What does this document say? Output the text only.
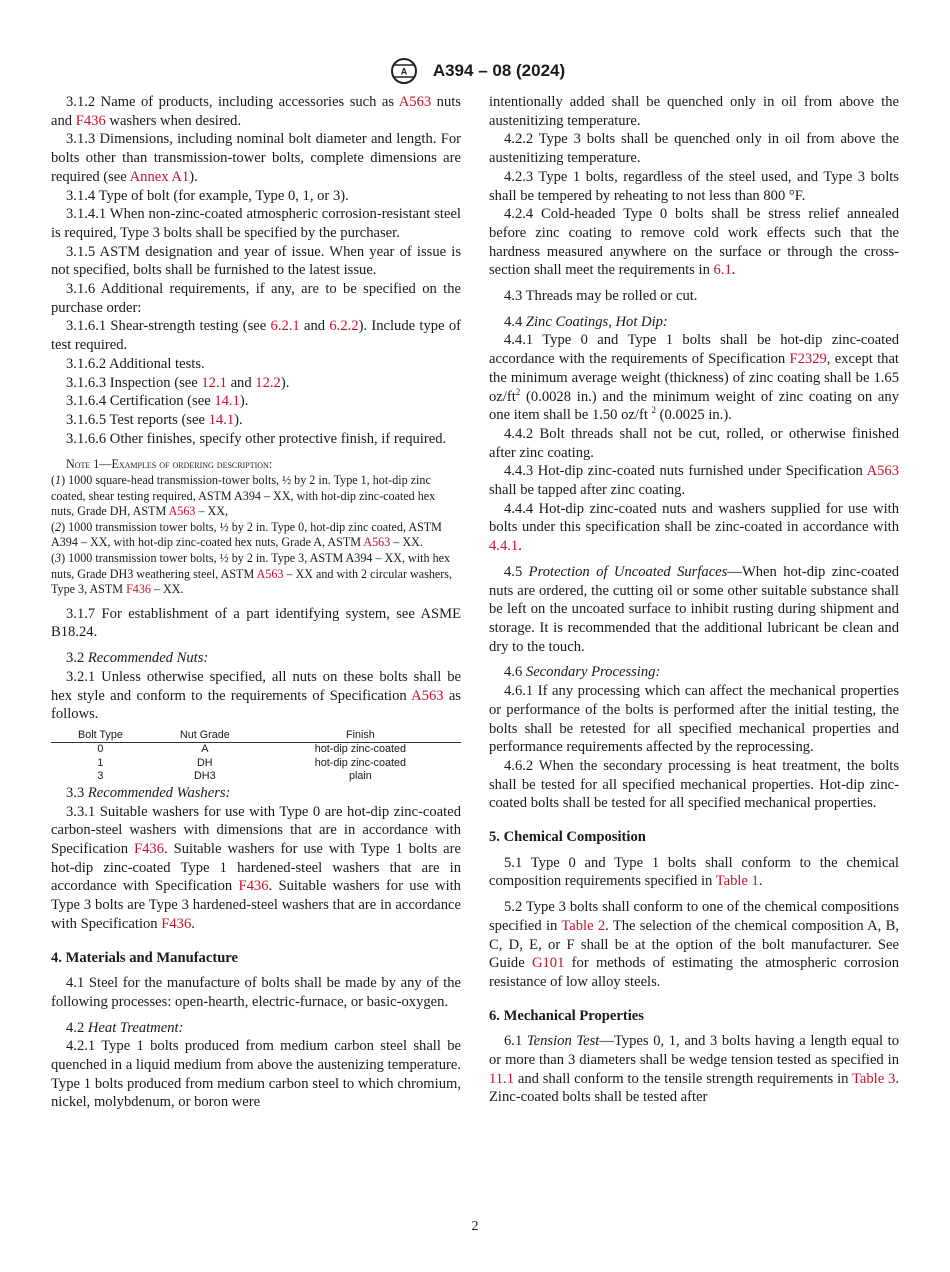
A A394 – 08 (2024)

3.1.2 Name of products, including accessories such as A563 nuts and F436 washers when desired.

3.1.3 Dimensions, including nominal bolt diameter and length. For bolts other than transmission-tower bolts, complete dimensions are required (see Annex A1).

3.1.4 Type of bolt (for example, Type 0, 1, or 3).

3.1.4.1 When non-zinc-coated atmospheric corrosion-resistant steel is required, Type 3 bolts shall be specified by the purchaser.

3.1.5 ASTM designation and year of issue. When year of issue is not specified, bolts shall be furnished to the latest issue.

3.1.6 Additional requirements, if any, are to be specified on the purchase order:

3.1.6.1 Shear-strength testing (see 6.2.1 and 6.2.2). Include type of test required.

3.1.6.2 Additional tests.

3.1.6.3 Inspection (see 12.1 and 12.2).

3.1.6.4 Certification (see 14.1).

3.1.6.5 Test reports (see 14.1).

3.1.6.6 Other finishes, specify other protective finish, if required.

Note 1—Examples of ordering description:

(1) 1000 square-head transmission-tower bolts, ½ by 2 in. Type 1, hot-dip zinc coated, shear testing required, ASTM A394 – XX, with hot-dip zinc-coated hex nuts, Grade DH, ASTM A563 – XX,

(2) 1000 transmission tower bolts, ½ by 2 in. Type 0, hot-dip zinc coated, ASTM A394 – XX, with hot-dip zinc-coated hex nuts, Grade A, ASTM A563 – XX.

(3) 1000 transmission tower bolts, ½ by 2 in. Type 3, ASTM A394 – XX, with hex nuts, Grade DH3 weathering steel, ASTM A563 – XX and with 2 circular washers, Type 3, ASTM F436 – XX.

3.1.7 For establishment of a part identifying system, see ASME B18.24.

3.2 Recommended Nuts:

3.2.1 Unless otherwise specified, all nuts on these bolts shall be hex style and conform to the requirements of Specification A563 as follows.

Bolt Type	Nut Grade	Finish
0	A	hot-dip zinc-coated
1	DH	hot-dip zinc-coated
3	DH3	plain

3.3 Recommended Washers:

3.3.1 Suitable washers for use with Type 0 are hot-dip zinc-coated carbon-steel washers with dimensions that are in accordance with Specification F436. Suitable washers for use with Type 1 bolts are hot-dip zinc-coated Type 1 hardened-steel washers that are in accordance with Specification F436. Suitable washers for use with Type 3 bolts are Type 3 hardened-steel washers that are in accordance with Specification F436.

4. Materials and Manufacture

4.1 Steel for the manufacture of bolts shall be made by any of the following processes: open-hearth, electric-furnace, or basic-oxygen.

4.2 Heat Treatment:

4.2.1 Type 1 bolts produced from medium carbon steel shall be quenched in a liquid medium from above the austenizing temperature. Type 1 bolts produced from medium carbon steel to which chromium, nickel, molybdenum, or boron were

intentionally added shall be quenched only in oil from above the austenitizing temperature.

4.2.2 Type 3 bolts shall be quenched only in oil from above the austenitizing temperature.

4.2.3 Type 1 bolts, regardless of the steel used, and Type 3 bolts shall be tempered by reheating to not less than 800 °F.

4.2.4 Cold-headed Type 0 bolts shall be stress relief annealed before zinc coating to remove cold work effects such that the hardness measured anywhere on the surface or through the cross-section shall meet the requirements in 6.1.

4.3 Threads may be rolled or cut.

4.4 Zinc Coatings, Hot Dip:

4.4.1 Type 0 and Type 1 bolts shall be hot-dip zinc-coated accordance with the requirements of Specification F2329, except that the minimum average weight (thickness) of zinc coating shall be 1.65 $oz/ft^2$ (0.0028 in.) and the minimum weight of zinc coating on any one item shall be 1.50 oz/ft $^2$ (0.0025 in.).

4.4.2 Bolt threads shall not be cut, rolled, or otherwise finished after zinc coating.

4.4.3 Hot-dip zinc-coated nuts furnished under Specification A563 shall be tapped after zinc coating.

4.4.4 Hot-dip zinc-coated nuts and washers supplied for use with bolts under this specification shall be zinc-coated in accordance with 4.4.1.

4.5 Protection of Uncoated Surfaces—When hot-dip zinc-coated nuts are ordered, the cutting oil or some other suitable substance shall be left on the uncoated surface to inhibit rusting during shipment and storage. It is recommended that the additional lubricant be clean and dry to the touch.

4.6 Secondary Processing:

4.6.1 If any processing which can affect the mechanical properties or performance of the bolts is performed after the initial testing, the bolts shall be retested for all specified mechanical properties and performance requirements affected by the reprocessing.

4.6.2 When the secondary processing is heat treatment, the bolts shall be tested for all specified mechanical properties. Hot-dip zinc-coated bolts shall be tested for all specified mechanical properties.

5. Chemical Composition

5.1 Type 0 and Type 1 bolts shall conform to the chemical composition requirements specified in Table 1.

5.2 Type 3 bolts shall conform to one of the chemical compositions specified in Table 2. The selection of the chemical composition A, B, C, D, E, or F shall be at the option of the bolt manufacturer. See Guide G101 for methods of estimating the atmospheric corrosion resistance of low alloy steels.

6. Mechanical Properties

6.1 Tension Test—Types 0, 1, and 3 bolts having a length equal to or more than 3 diameters shall be wedge tension tested as specified in 11.1 and shall conform to the tensile strength requirements in Table 3. Zinc-coated bolts shall be tested after

2
